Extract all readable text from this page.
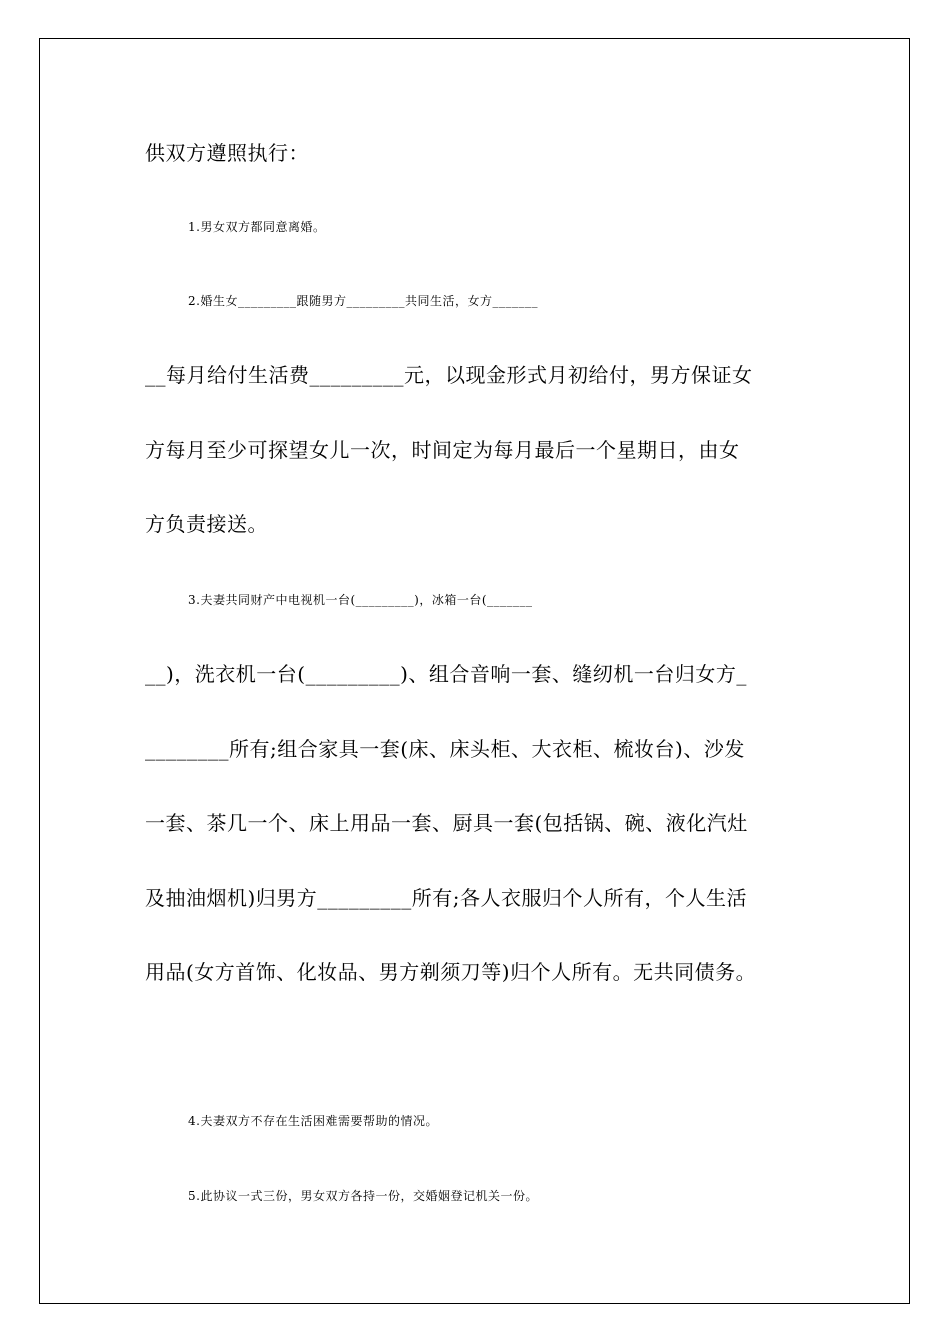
供双方遵照执行：
1.男女双方都同意离婚。
2.婚生女_________跟随男方_________共同生活，女方_______
__每月给付生活费_________元，以现金形式月初给付，男方保证女
方每月至少可探望女儿一次，时间定为每月最后一个星期日，由女
方负责接送。
3.夫妻共同财产中电视机一台(_________)，冰箱一台(_______
__)，洗衣机一台(_________)、组合音响一套、缝纫机一台归女方_
________所有;组合家具一套(床、床头柜、大衣柜、梳妆台)、沙发
一套、茶几一个、床上用品一套、厨具一套(包括锅、碗、液化汽灶
及抽油烟机)归男方_________所有;各人衣服归个人所有，个人生活
用品(女方首饰、化妆品、男方剃须刀等)归个人所有。无共同债务。
4.夫妻双方不存在生活困难需要帮助的情况。
5.此协议一式三份，男女双方各持一份，交婚姻登记机关一份。
